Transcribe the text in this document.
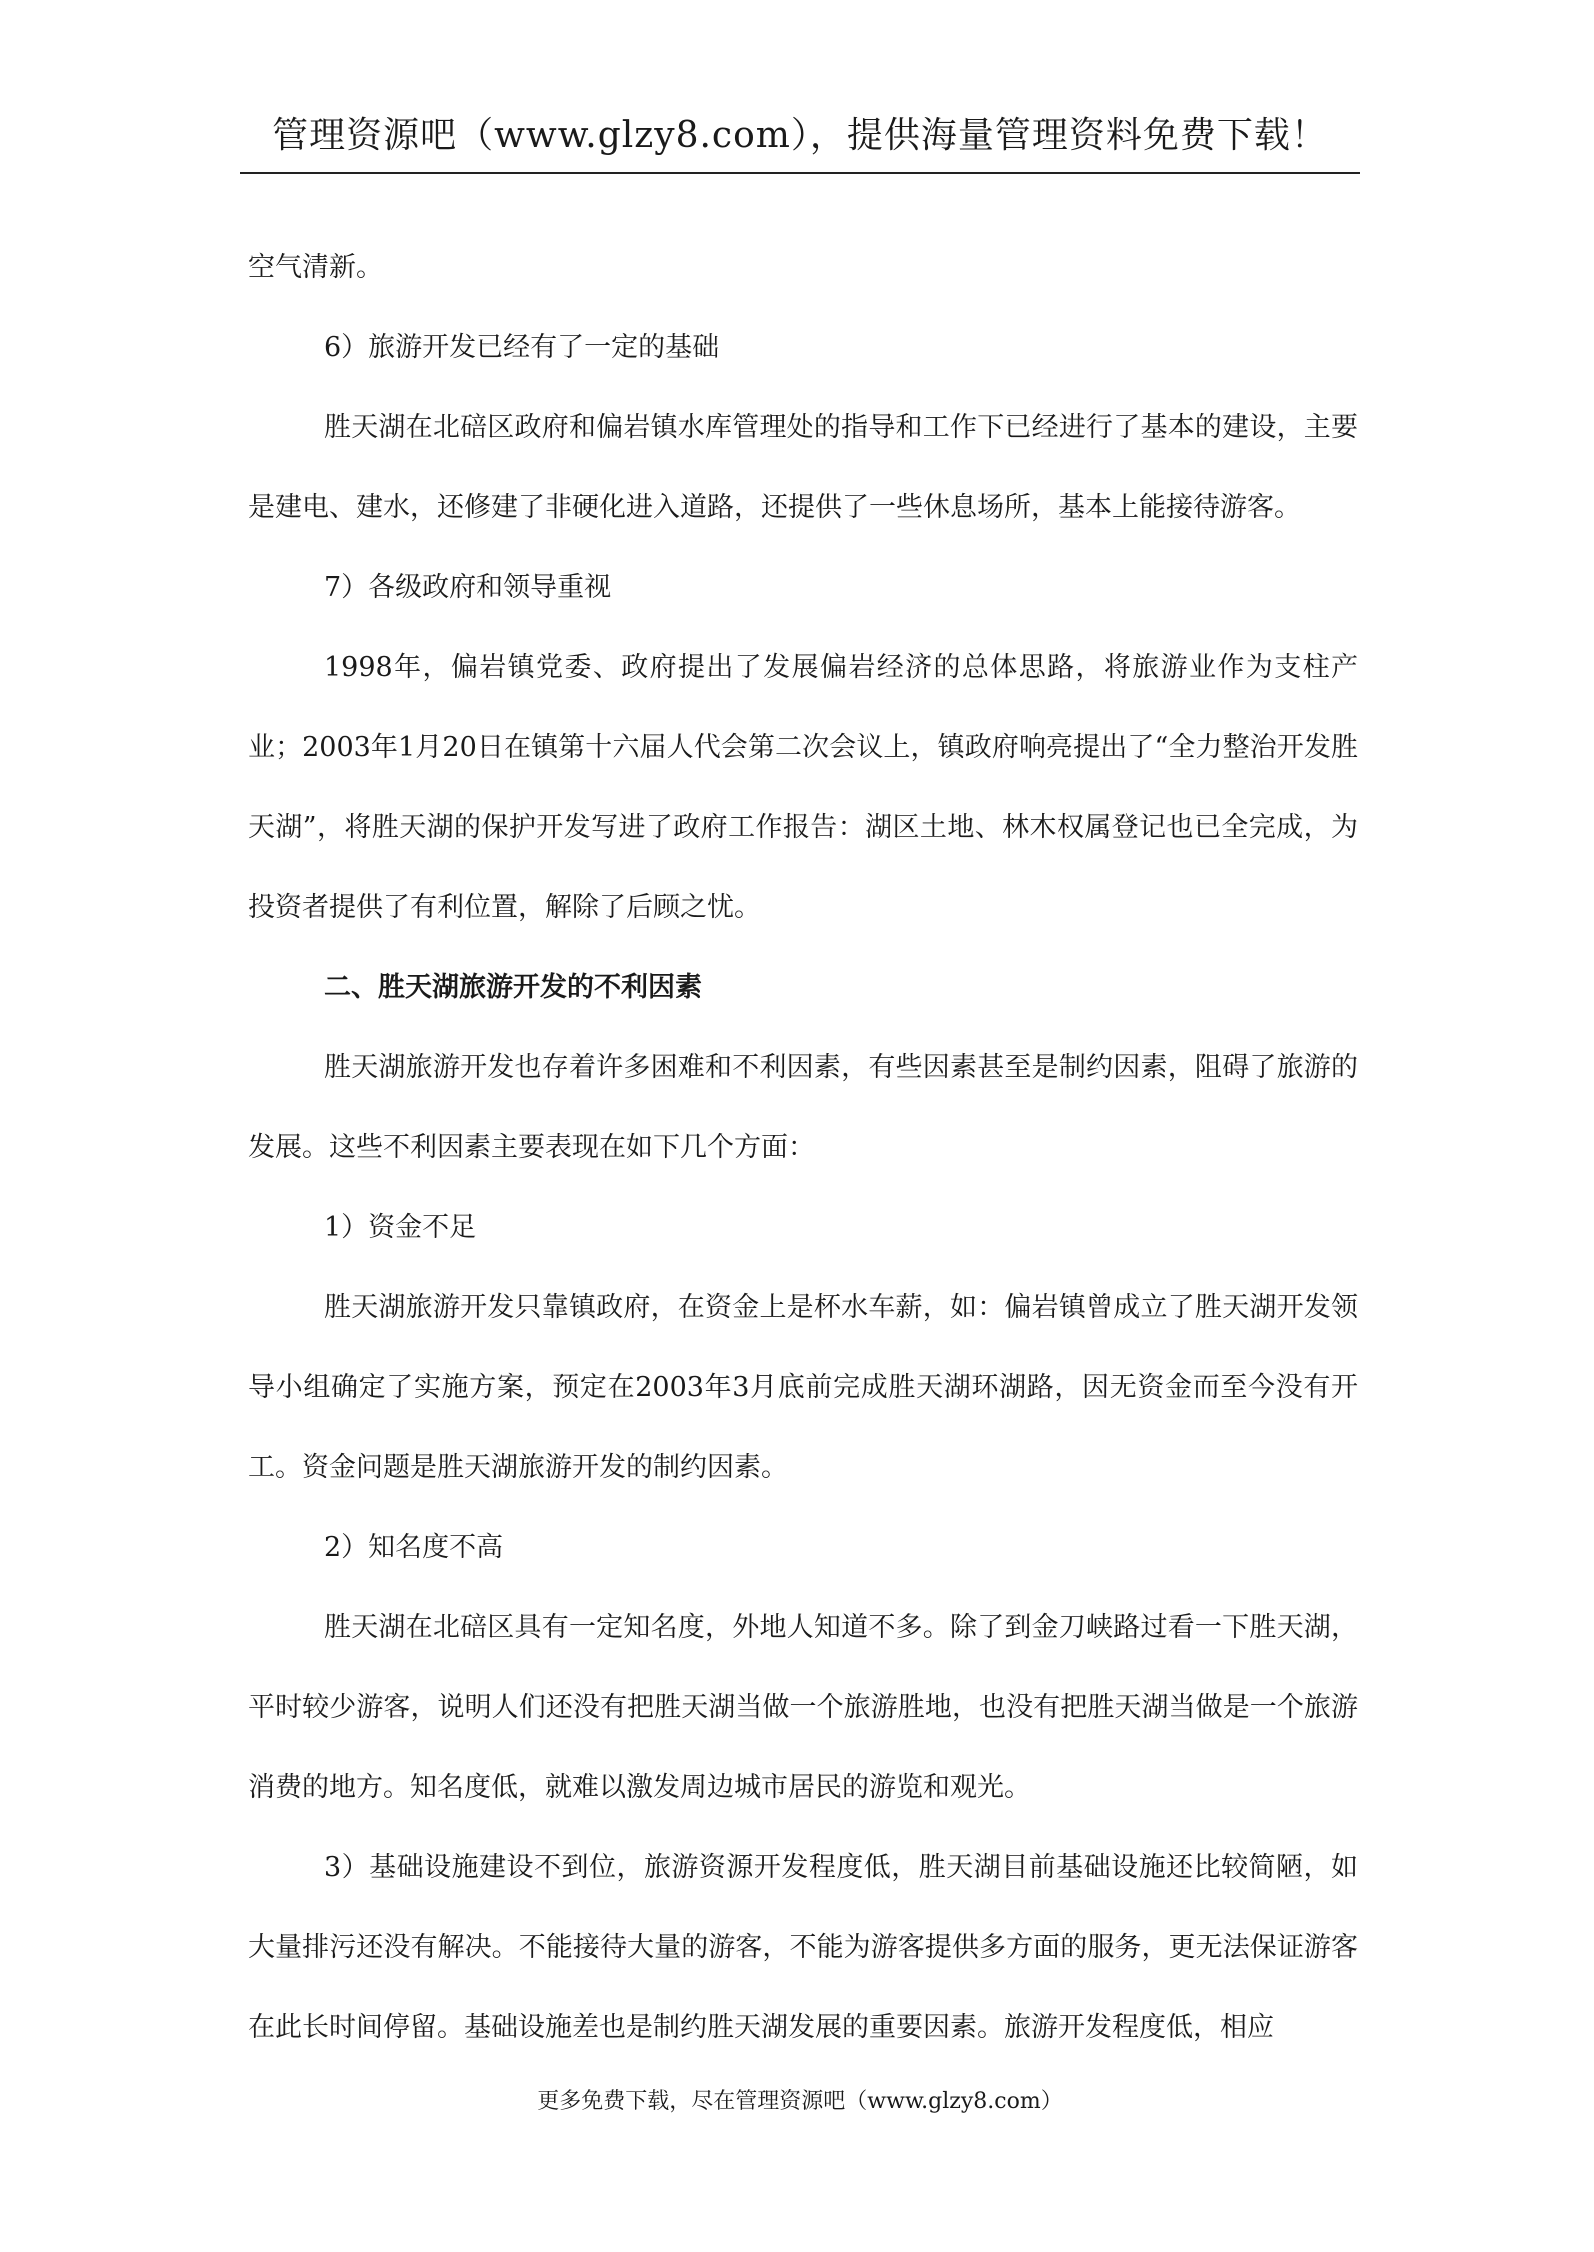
管理资源吧（www.glzy8.com），提供海量管理资料免费下载！

空气清新。

6）旅游开发已经有了一定的基础

胜天湖在北碚区政府和偏岩镇水库管理处的指导和工作下已经进行了基本的建设，主要是建电、建水，还修建了非硬化进入道路，还提供了一些休息场所，基本上能接待游客。

7）各级政府和领导重视

1998年，偏岩镇党委、政府提出了发展偏岩经济的总体思路，将旅游业作为支柱产业；2003年1月20日在镇第十六届人代会第二次会议上，镇政府响亮提出了“全力整治开发胜天湖”，将胜天湖的保护开发写进了政府工作报告：湖区土地、林木权属登记也已全完成，为投资者提供了有利位置，解除了后顾之忧。

二、胜天湖旅游开发的不利因素

胜天湖旅游开发也存着许多困难和不利因素，有些因素甚至是制约因素，阻碍了旅游的发展。这些不利因素主要表现在如下几个方面：

1）资金不足

胜天湖旅游开发只靠镇政府，在资金上是杯水车薪，如：偏岩镇曾成立了胜天湖开发领导小组确定了实施方案，预定在2003年3月底前完成胜天湖环湖路，因无资金而至今没有开工。资金问题是胜天湖旅游开发的制约因素。

2）知名度不高

胜天湖在北碚区具有一定知名度，外地人知道不多。除了到金刀峡路过看一下胜天湖，平时较少游客，说明人们还没有把胜天湖当做一个旅游胜地，也没有把胜天湖当做是一个旅游消费的地方。知名度低，就难以激发周边城市居民的游览和观光。

3）基础设施建设不到位，旅游资源开发程度低，胜天湖目前基础设施还比较简陋，如大量排污还没有解决。不能接待大量的游客，不能为游客提供多方面的服务，更无法保证游客在此长时间停留。基础设施差也是制约胜天湖发展的重要因素。旅游开发程度低，相应

更多免费下载，尽在管理资源吧（www.glzy8.com）
